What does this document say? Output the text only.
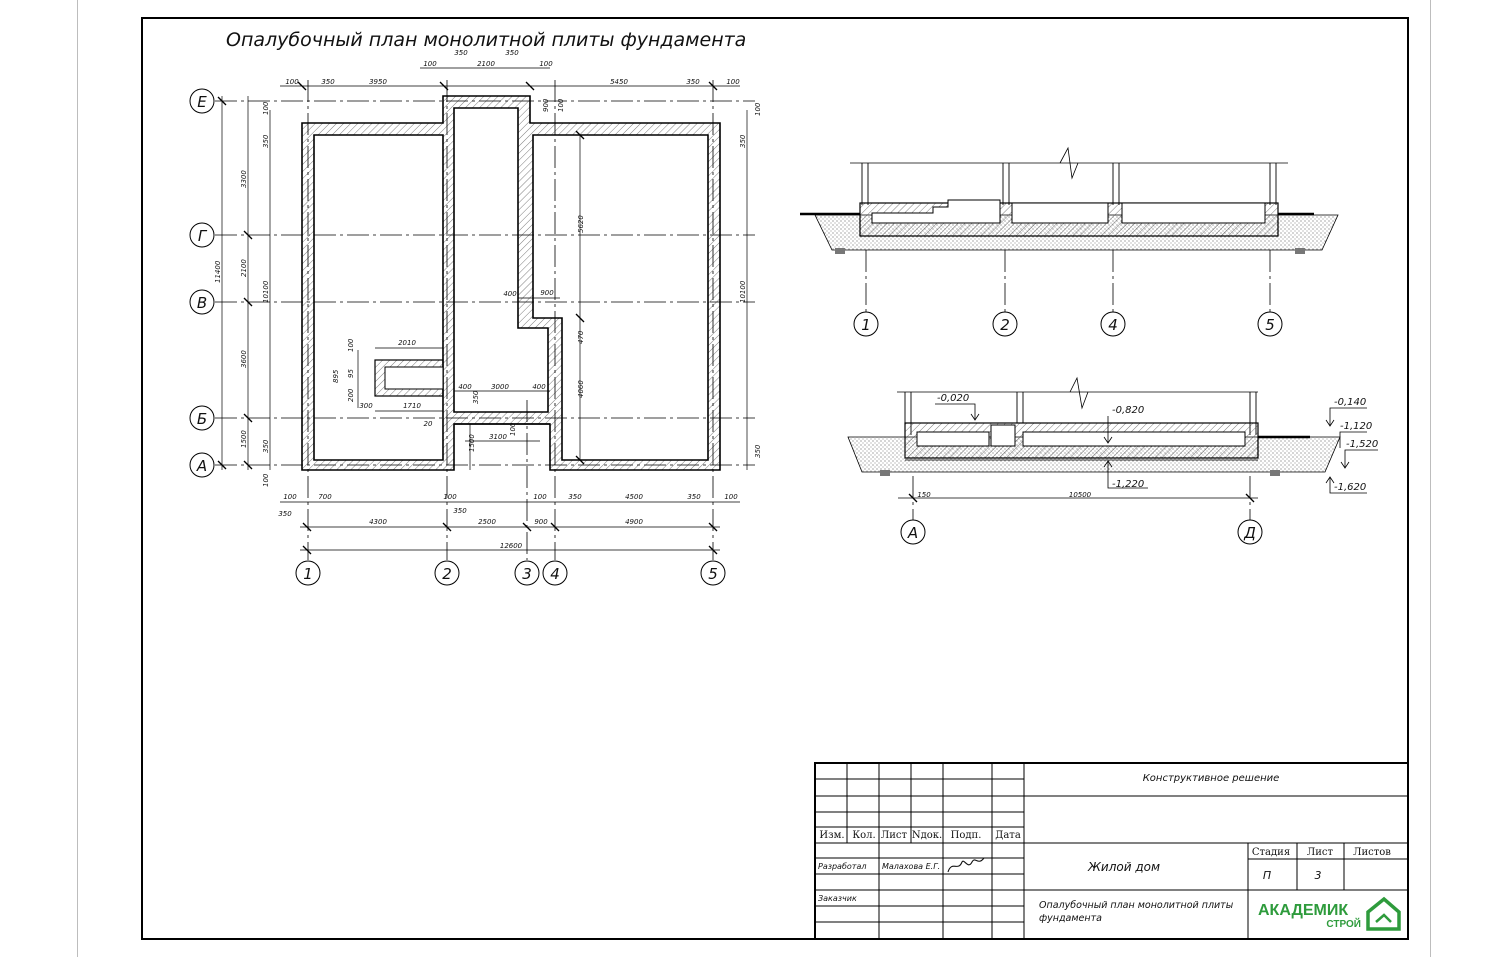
Опалубочный план монолитной плиты фундамента
Е
Г
В
Б
А
1	2	3 4	5
100	350	3950
100
350
2100
350
100
5450	350	100
900 100
100	700	100	100	350	4500	350	100
350	350
4300	2500	900	4900
12600
11400
3300
2100
3600
1500
100
350
100
350
10100	10100
100
350
350
5620
400	900
470
4060
400	3000	400
350
100
3100
1500
20
2010
895
100
95
200
300	1710
1	2	4	5
-0,020
-0,820
-1,220
-0,140
-1,120
-1,520
-1,620
150	10500
А	Д
Конструктивное решение
Изм. Кол. Лист Nдок. Подп. Дата
Разработал Малахова Е.Г.
Заказчик
Жилой дом
Опалубочный план монолитной плиты
фундамента
Стадия Лист Листов
П	3
АКАДЕМИК
СТРОЙ
